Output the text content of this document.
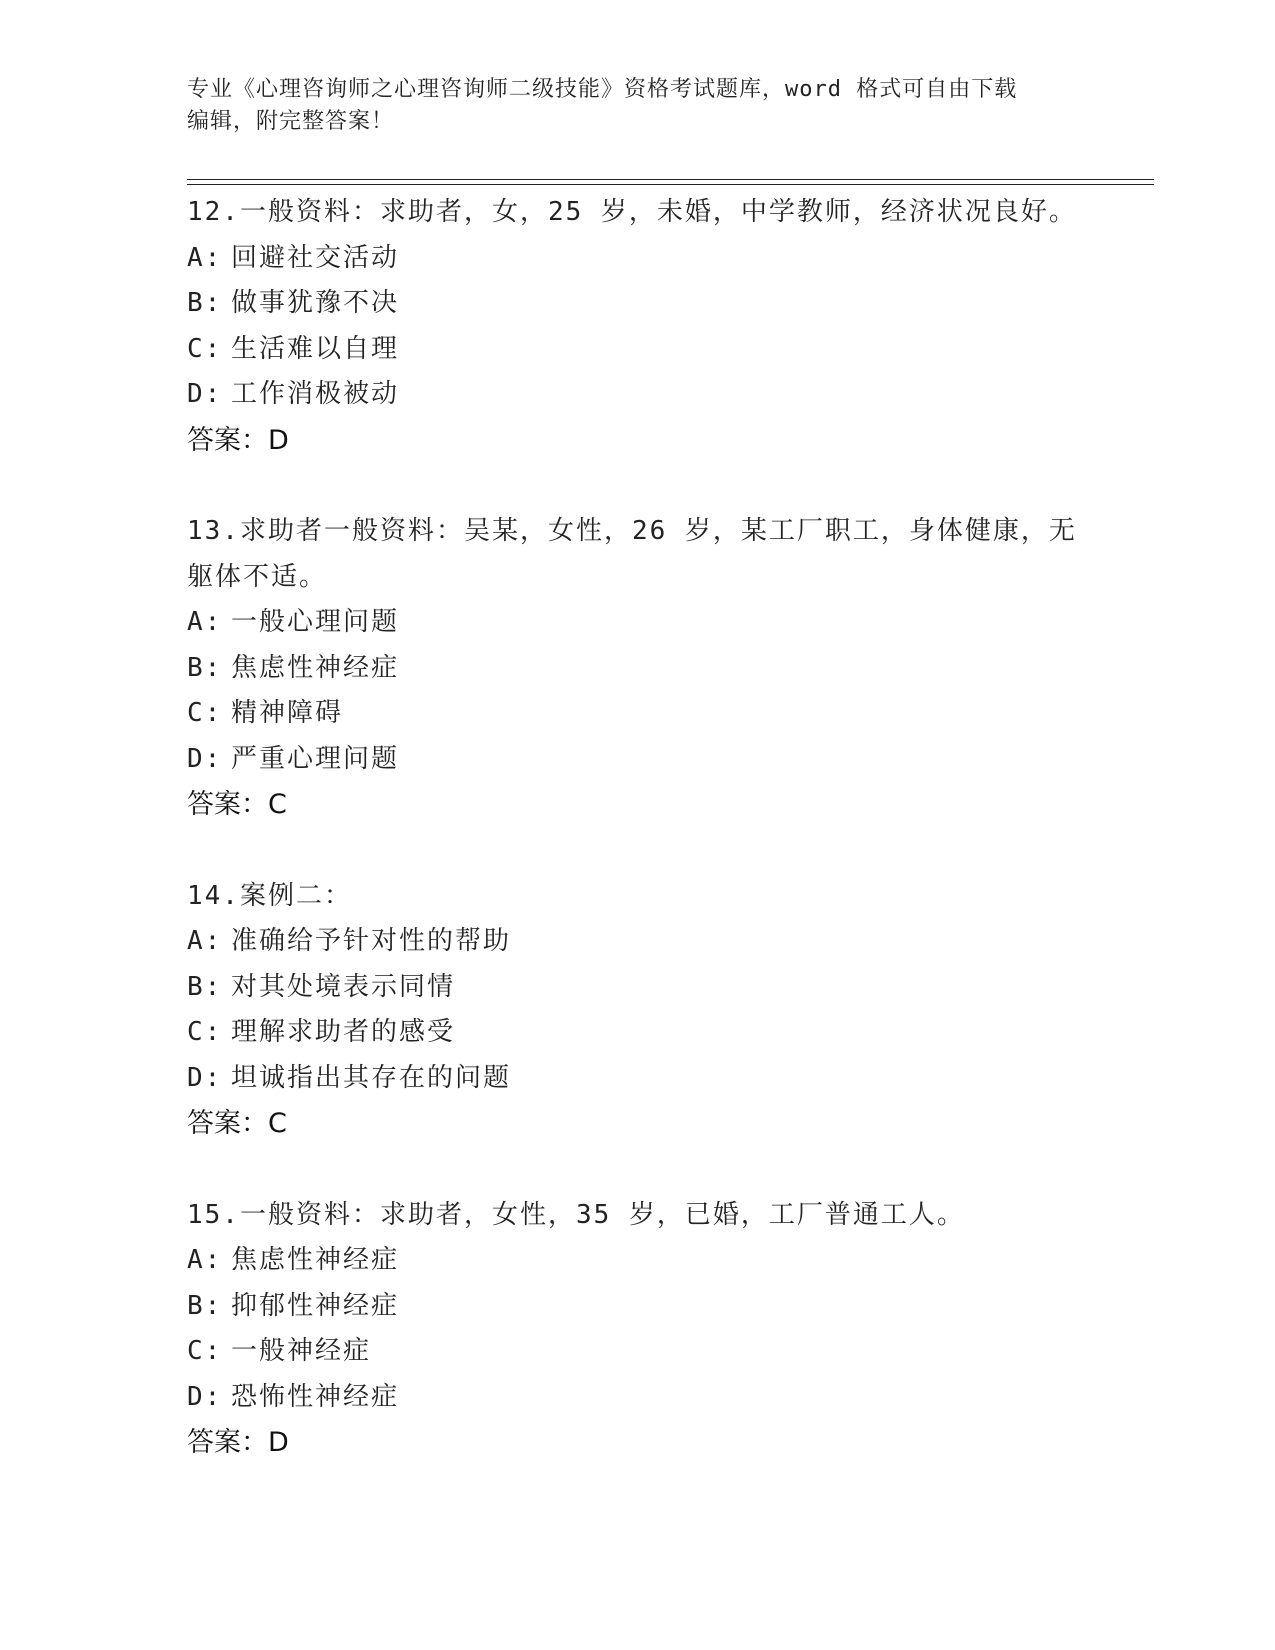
专业《心理咨询师之心理咨询师二级技能》资格考试题库，word 格式可自由下载
编辑，附完整答案！

12.一般资料：求助者，女，25 岁，未婚，中学教师，经济状况良好。

A: 回避社交活动
B: 做事犹豫不决
C: 生活难以自理
D: 工作消极被动
答案：D

13.求助者一般资料：吴某，女性，26 岁，某工厂职工，身体健康，无躯体不适。

A: 一般心理问题
B: 焦虑性神经症
C: 精神障碍
D: 严重心理问题
答案：C

14.案例二：

A: 准确给予针对性的帮助
B: 对其处境表示同情
C: 理解求助者的感受
D: 坦诚指出其存在的问题
答案：C

15.一般资料：求助者，女性，35 岁，已婚，工厂普通工人。

A: 焦虑性神经症
B: 抑郁性神经症
C: 一般神经症
D: 恐怖性神经症
答案：D
